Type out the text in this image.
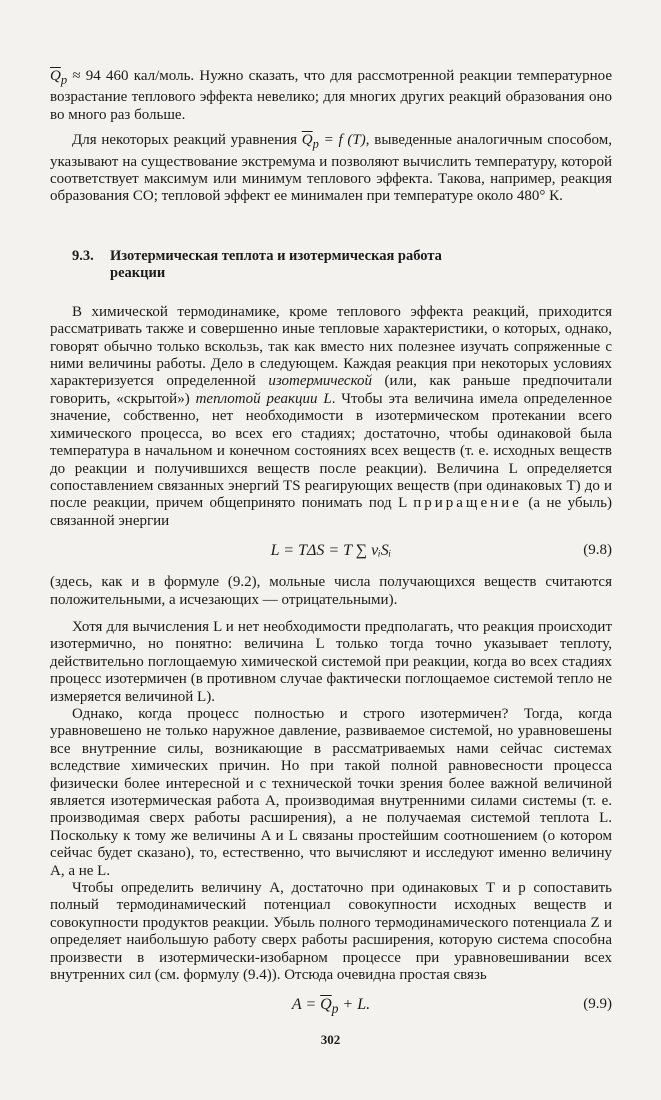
$\overline{Q}_p \approx 94$ 460 кал/моль. Нужно сказать, что для рассмотренной реакции температурное возрастание теплового эффекта невелико; для многих других реакций образования оно во много раз больше.

Для некоторых реакций уравнения $\overline{Q}_p = f$ (T), выведенные аналогичным способом, указывают на существование экстремума и позволяют вычислить температуру, которой соответствует максимум или минимум теплового эффекта. Такова, например, реакция образования CO; тепловой эффект ее минимален при температуре около 480° К.

9.3. Изотермическая теплота и изотермическая работа
реакции

В химической термодинамике, кроме теплового эффекта реакций, приходится рассматривать также и совершенно иные тепловые характеристики, о которых, однако, говорят обычно только вскользь, так как вместо них полезнее изучать сопряженные с ними величины работы. Дело в следующем. Каждая реакция при некоторых условиях характеризуется определенной изотермической (или, как раньше предпочитали говорить, «скрытой») теплотой реакции L. Чтобы эта величина имела определенное значение, собственно, нет необходимости в изотермическом протекании всего химического процесса, во всех его стадиях; достаточно, чтобы одинаковой была температура в начальном и конечном состояниях всех веществ (т. е. исходных веществ до реакции и получившихся веществ после реакции). Величина L определяется сопоставлением связанных энергий TS реагирующих веществ (при одинаковых T) до и после реакции, причем общепринято понимать под L приращение (а не убыль) связанной энергии

L = TΔS = T ∑ νᵢSᵢ	(9.8)

(здесь, как и в формуле (9.2), мольные числа получающихся веществ считаются положительными, а исчезающих — отрицательными).

Хотя для вычисления L и нет необходимости предполагать, что реакция происходит изотермично, но понятно: величина L только тогда точно указывает теплоту, действительно поглощаемую химической системой при реакции, когда во всех стадиях процесс изотермичен (в противном случае фактически поглощаемое системой тепло не измеряется величиной L).

Однако, когда процесс полностью и строго изотермичен? Тогда, когда уравновешено не только наружное давление, развиваемое системой, но уравновешены все внутренние силы, возникающие в рассматриваемых нами сейчас системах вследствие химических причин. Но при такой полной равновесности процесса физически более интересной и с технической точки зрения более важной величиной является изотермическая работа A, производимая внутренними силами системы (т. е. производимая сверх работы расширения), а не получаемая системой теплота L. Поскольку к тому же величины A и L связаны простейшим соотношением (о котором сейчас будет сказано), то, естественно, что вычисляют и исследуют именно величину A, а не L.

Чтобы определить величину A, достаточно при одинаковых T и p сопоставить полный термодинамический потенциал совокупности исходных веществ и совокупности продуктов реакции. Убыль полного термодинамического потенциала Z и определяет наибольшую работу сверх работы расширения, которую система способна произвести в изотермически-изобарном процессе при уравновешивании всех внутренних сил (см. формулу (9.4)). Отсюда очевидна простая связь

$A = \overline{Q}_p + L$.	(9.9)
302
